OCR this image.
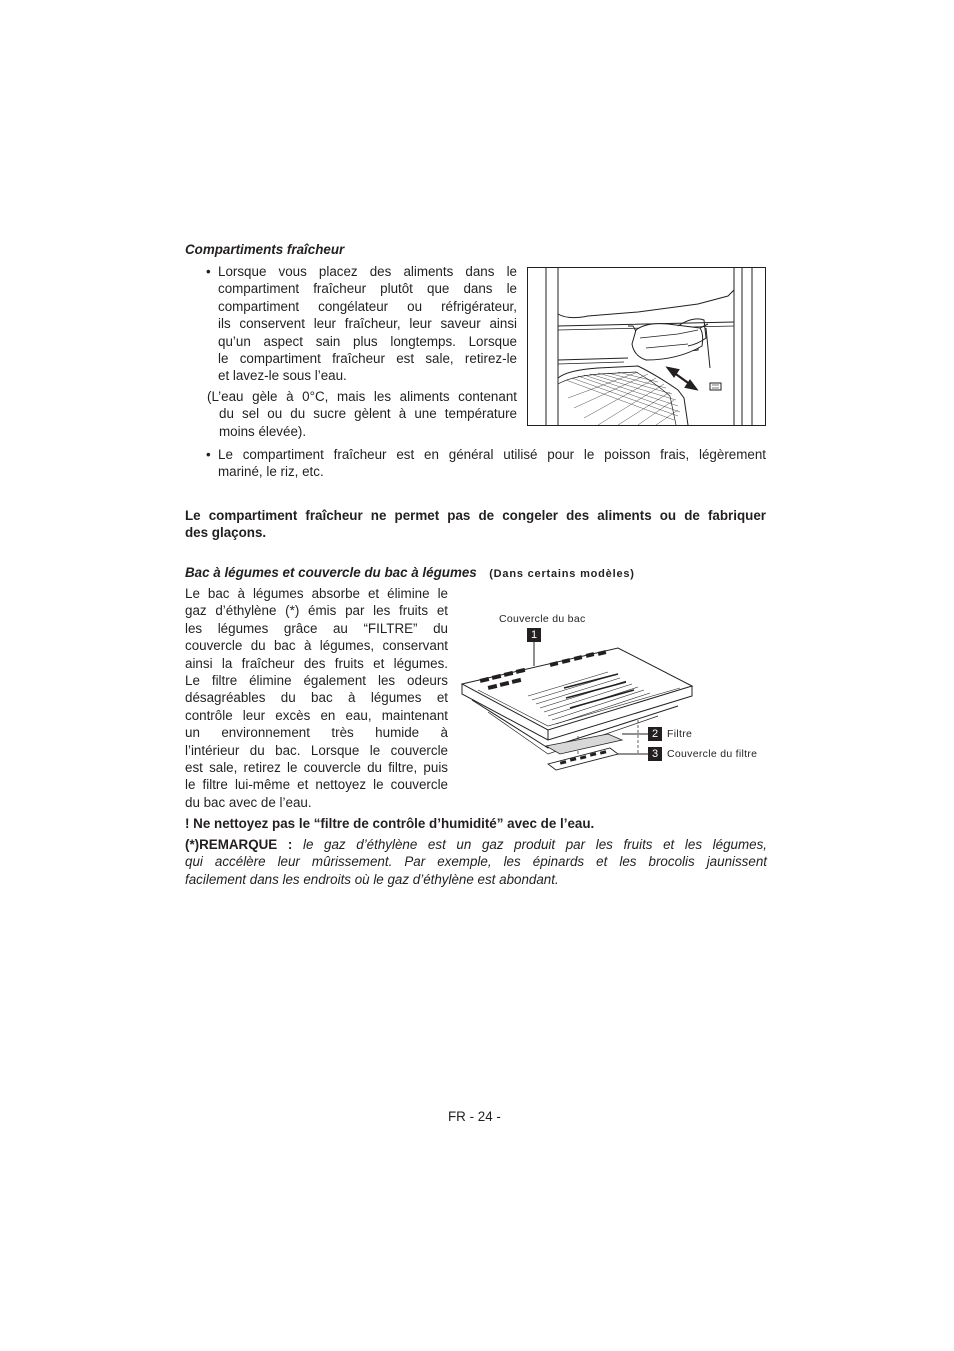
Compartiments fraîcheur
• Lorsque vous placez des aliments dans le
compartiment fraîcheur plutôt que dans le
compartiment congélateur ou réfrigérateur,
ils conservent leur fraîcheur, leur saveur ainsi
qu’un aspect sain plus longtemps. Lorsque
le compartiment fraîcheur est sale, retirez-le
et lavez-le sous l’eau.
(L’eau gèle à 0°C, mais les aliments contenant
du sel ou du sucre gèlent à une température
moins élevée).
• Le compartiment fraîcheur est en général utilisé pour le poisson frais, légèrement
mariné, le riz, etc.
Le compartiment fraîcheur ne permet pas de congeler des aliments ou de fabriquer
des glaçons.
Bac à légumes et couvercle du bac à légumes (Dans certains modèles)
Le bac à légumes absorbe et élimine le
gaz d’éthylène (*) émis par les fruits et
les légumes grâce au “FILTRE” du
couvercle du bac à légumes, conservant
ainsi la fraîcheur des fruits et légumes.
Le filtre élimine également les odeurs
désagréables du bac à légumes et
contrôle leur excès en eau, maintenant
un environnement très humide à
l’intérieur du bac. Lorsque le couvercle
est sale, retirez le couvercle du filtre, puis
le filtre lui-même et nettoyez le couvercle
du bac avec de l’eau.
Couvercle du bac
1
2 Filtre
3 Couvercle du filtre
! Ne nettoyez pas le “filtre de contrôle d’humidité” avec de l’eau.
(*)REMARQUE : le gaz d’éthylène est un gaz produit par les fruits et les légumes,
qui accélère leur mûrissement. Par exemple, les épinards et les brocolis jaunissent
facilement dans les endroits où le gaz d’éthylène est abondant.
FR - 24 -
